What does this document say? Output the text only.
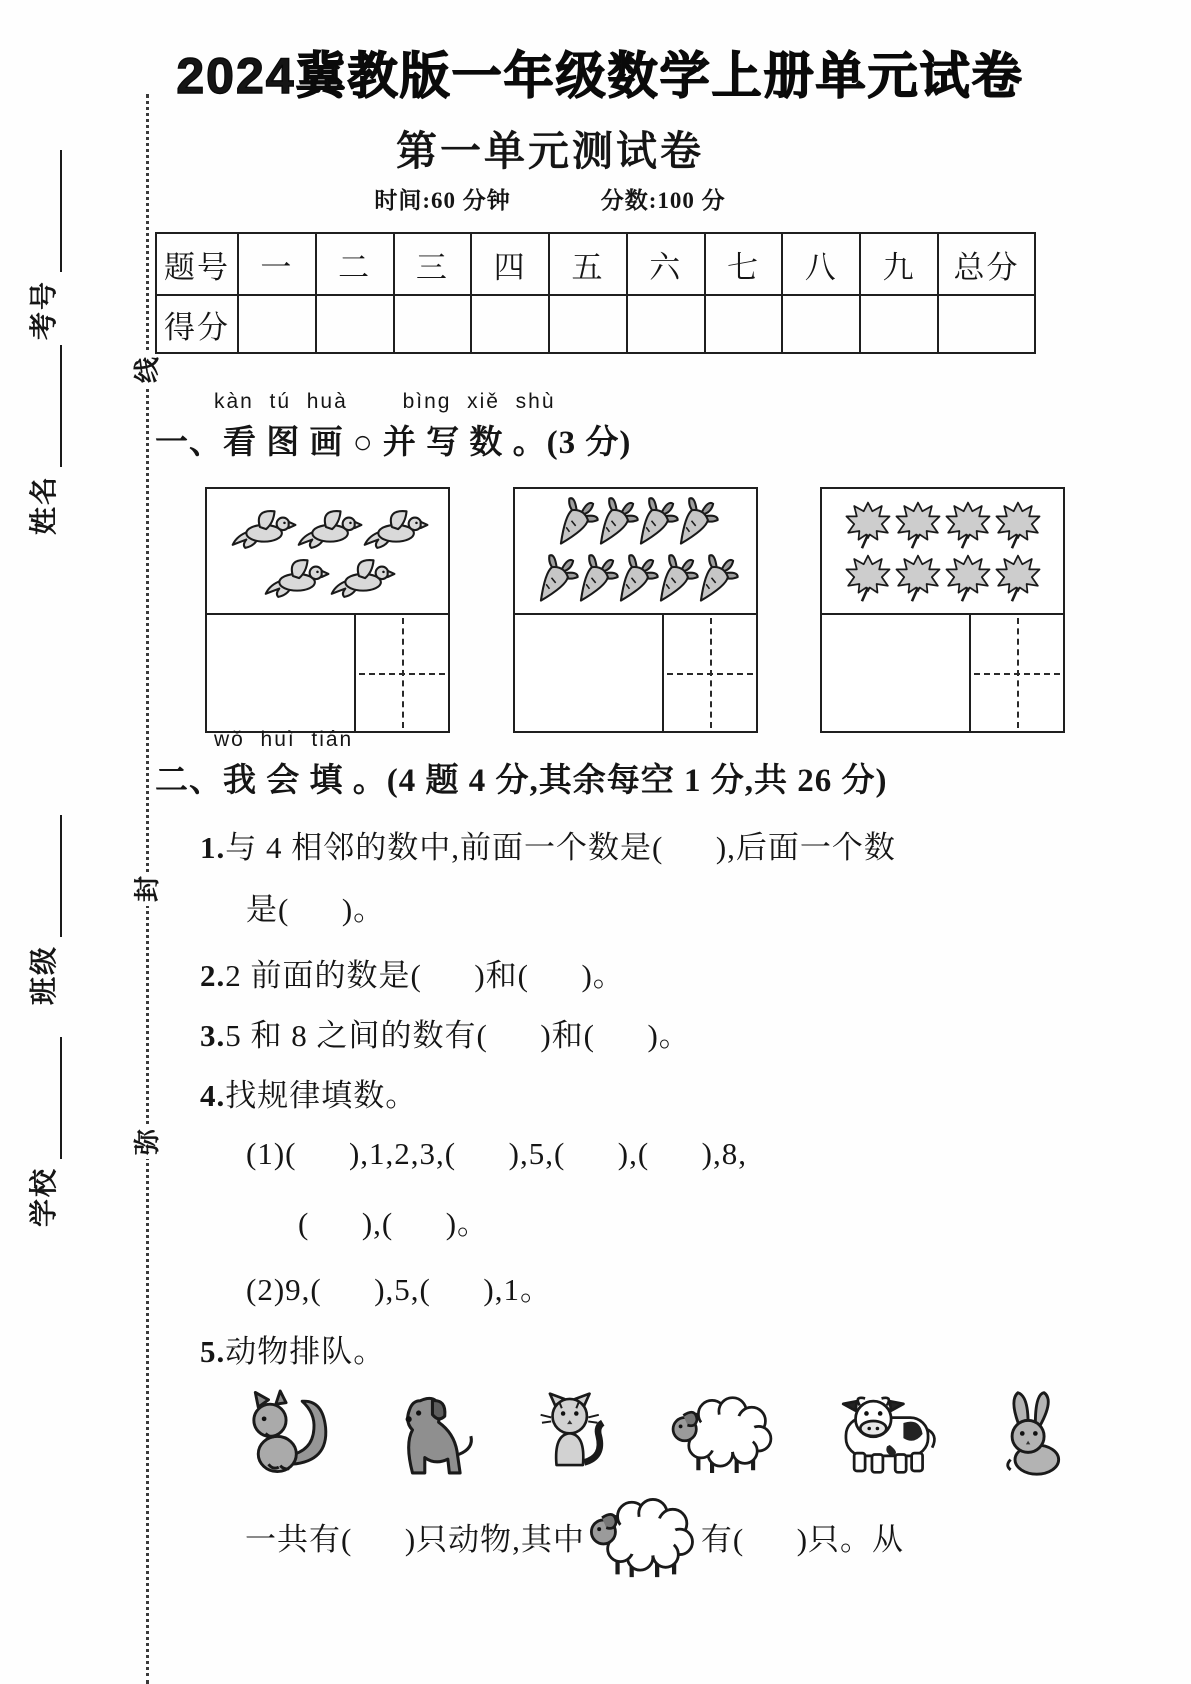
线
封
弥
考号
姓名
班级
学校
2024冀教版一年级数学上册单元试卷
第一单元测试卷
时间:60 分钟	分数:100 分
题号	一	二	三	四	五	六	七	八	九	总分
得分										
kàn  tú  huà       bìng  xiě  shù
一、看 图 画 ○ 并 写 数 。(3 分)
wǒ  huì  tián
二、我 会 填 。(4 题 4 分,其余每空 1 分,共 26 分)
1.与 4 相邻的数中,前面一个数是(      ),后面一个数
是(      )。
2.2 前面的数是(      )和(      )。
3.5 和 8 之间的数有(      )和(      )。
4.找规律填数。
(1)(      ),1,2,3,(      ),5,(      ),(      ),8,
(      ),(      )。
(2)9,(      ),5,(      ),1。
5.动物排队。
一共有(      )只动物,其中	有(      )只。从
